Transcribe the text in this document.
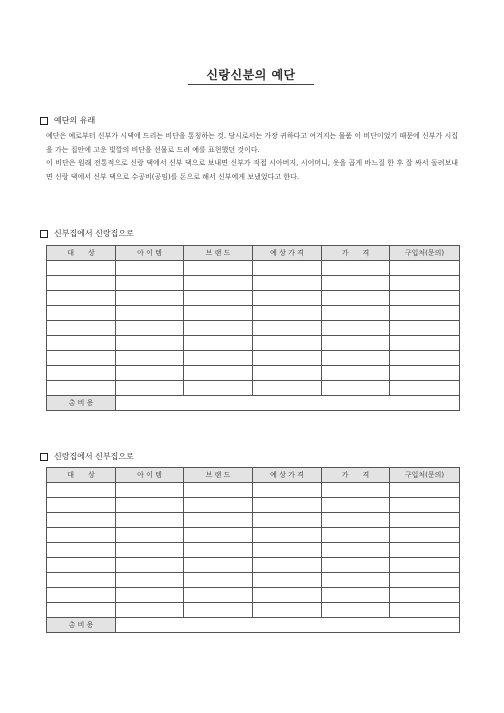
신랑신분의 예단
예단의 유래

예단은 예로부터 신부가 시댁에 드리는 비단을 통칭하는 것. 당시로서는 가장 귀하다고 여겨지는 물품 이 비단이었기 때문에 신부가 시집을 가는 집안에 고운 빛깔의 비단을 선물로 드려 예를 표현했던 것이다.

이 비단은 원래 전통적으로 신랑 댁에서 신부 댁으로 보내면 신부가 직접 시아버지, 시어머니, 옷을 곱게 바느질 한 후 잘 싸서 돌려보내면 신랑 댁에서 신부 댁으로 수공비(공임)를 돈으로 해서 신부에게 보냈었다고 한다.

신부집에서 신랑집으로
대　　상	아 이 템	브 랜 드	예 상 가 격	가　　격	구입처(문의)

총 비 용					
신랑집에서 신부집으로
대　　상	아 이 템	브 랜 드	예 상 가 격	가　　격	구입처(문의)

총 비 용					
